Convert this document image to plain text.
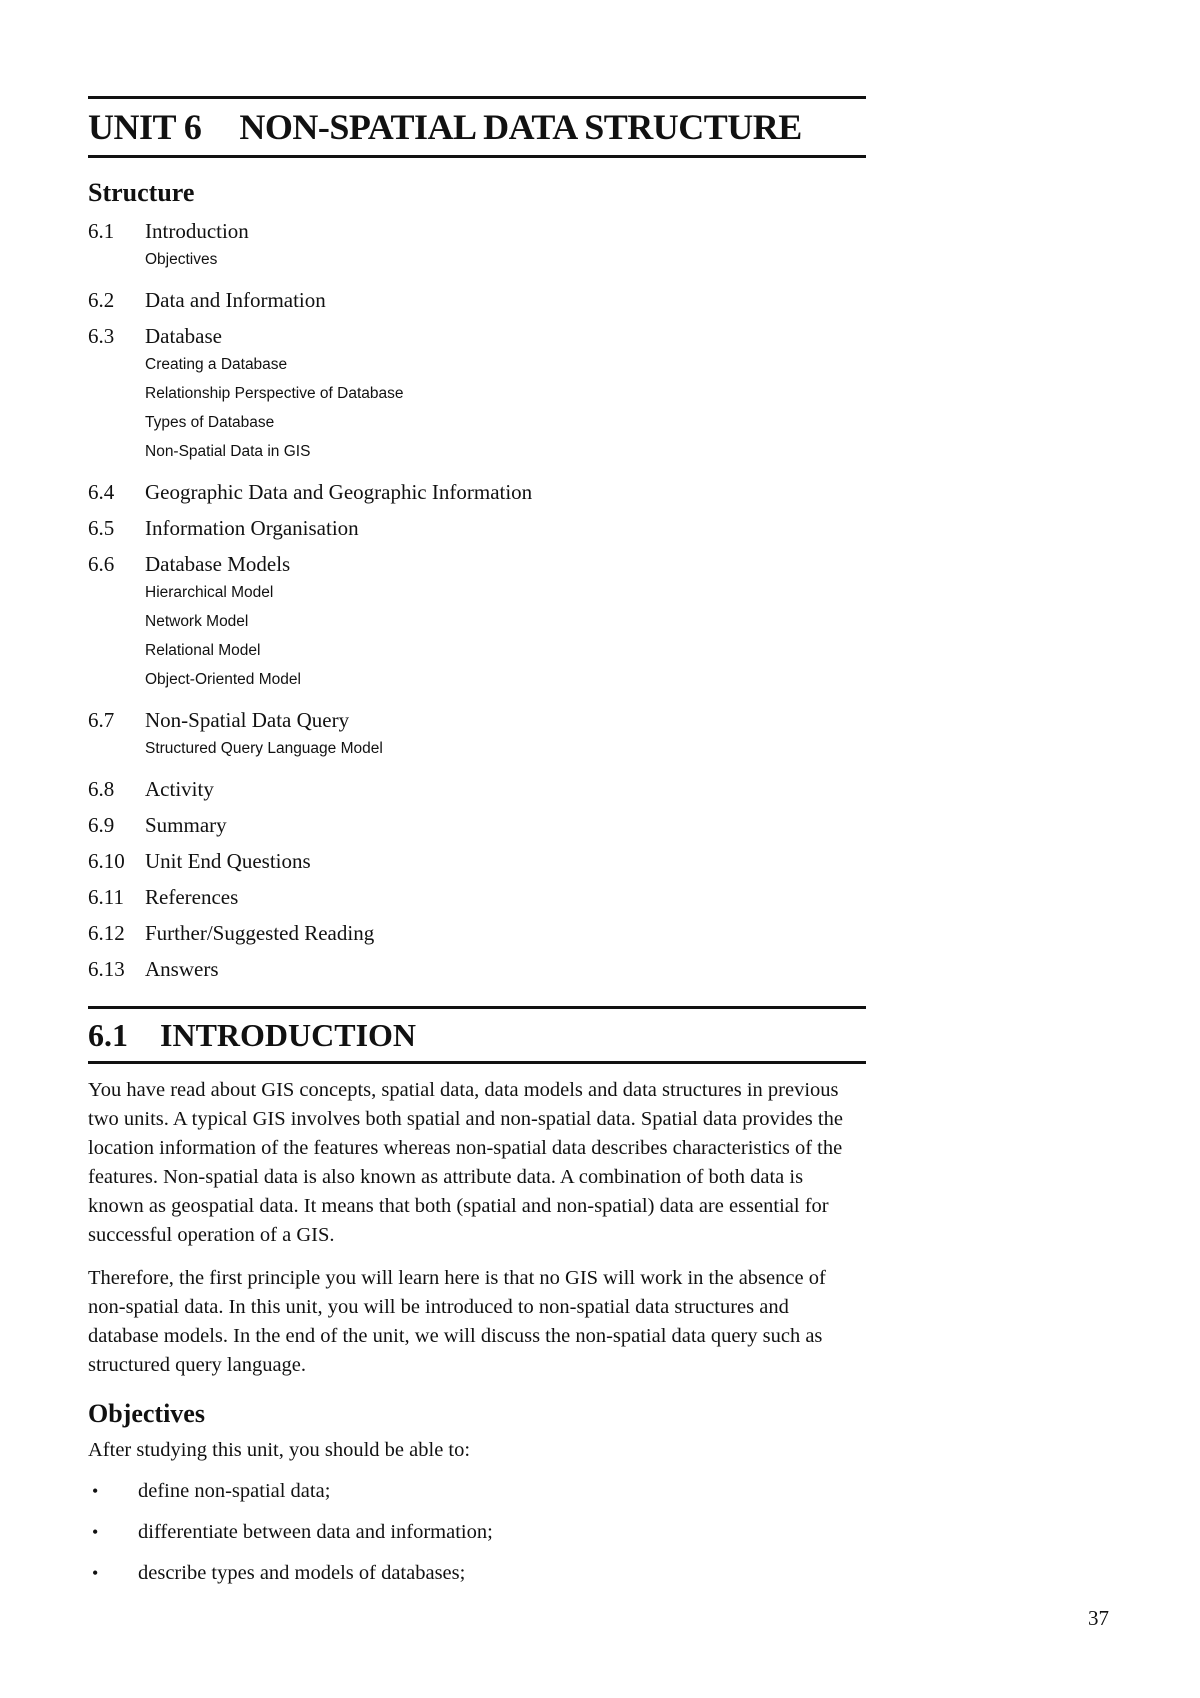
UNIT 6 NON-SPATIAL DATA STRUCTURE
Structure
6.1	Introduction
Objectives
6.2	Data and Information
6.3	Database
Creating a Database
Relationship Perspective of Database
Types of Database
Non-Spatial Data in GIS
6.4	Geographic Data and Geographic Information
6.5	Information Organisation
6.6	Database Models
Hierarchical Model
Network Model
Relational Model
Object-Oriented Model
6.7	Non-Spatial Data Query
Structured Query Language Model
6.8	Activity
6.9	Summary
6.10 Unit End Questions
6.11	References
6.12 Further/Suggested Reading
6.13 Answers
6.1 INTRODUCTION

You have read about GIS concepts, spatial data, data models and data structures in previous two units. A typical GIS involves both spatial and non-spatial data. Spatial data provides the location information of the features whereas non-spatial data describes characteristics of the features. Non-spatial data is also known as attribute data. A combination of both data is known as geospatial data. It means that both (spatial and non-spatial) data are essential for successful operation of a GIS.

Therefore, the first principle you will learn here is that no GIS will work in the absence of non-spatial data. In this unit, you will be introduced to non-spatial data structures and database models. In the end of the unit, we will discuss the non-spatial data query such as structured query language.

Objectives
After studying this unit, you should be able to:
•	define non-spatial data;
•	differentiate between data and information;
•	describe types and models of databases;
37
